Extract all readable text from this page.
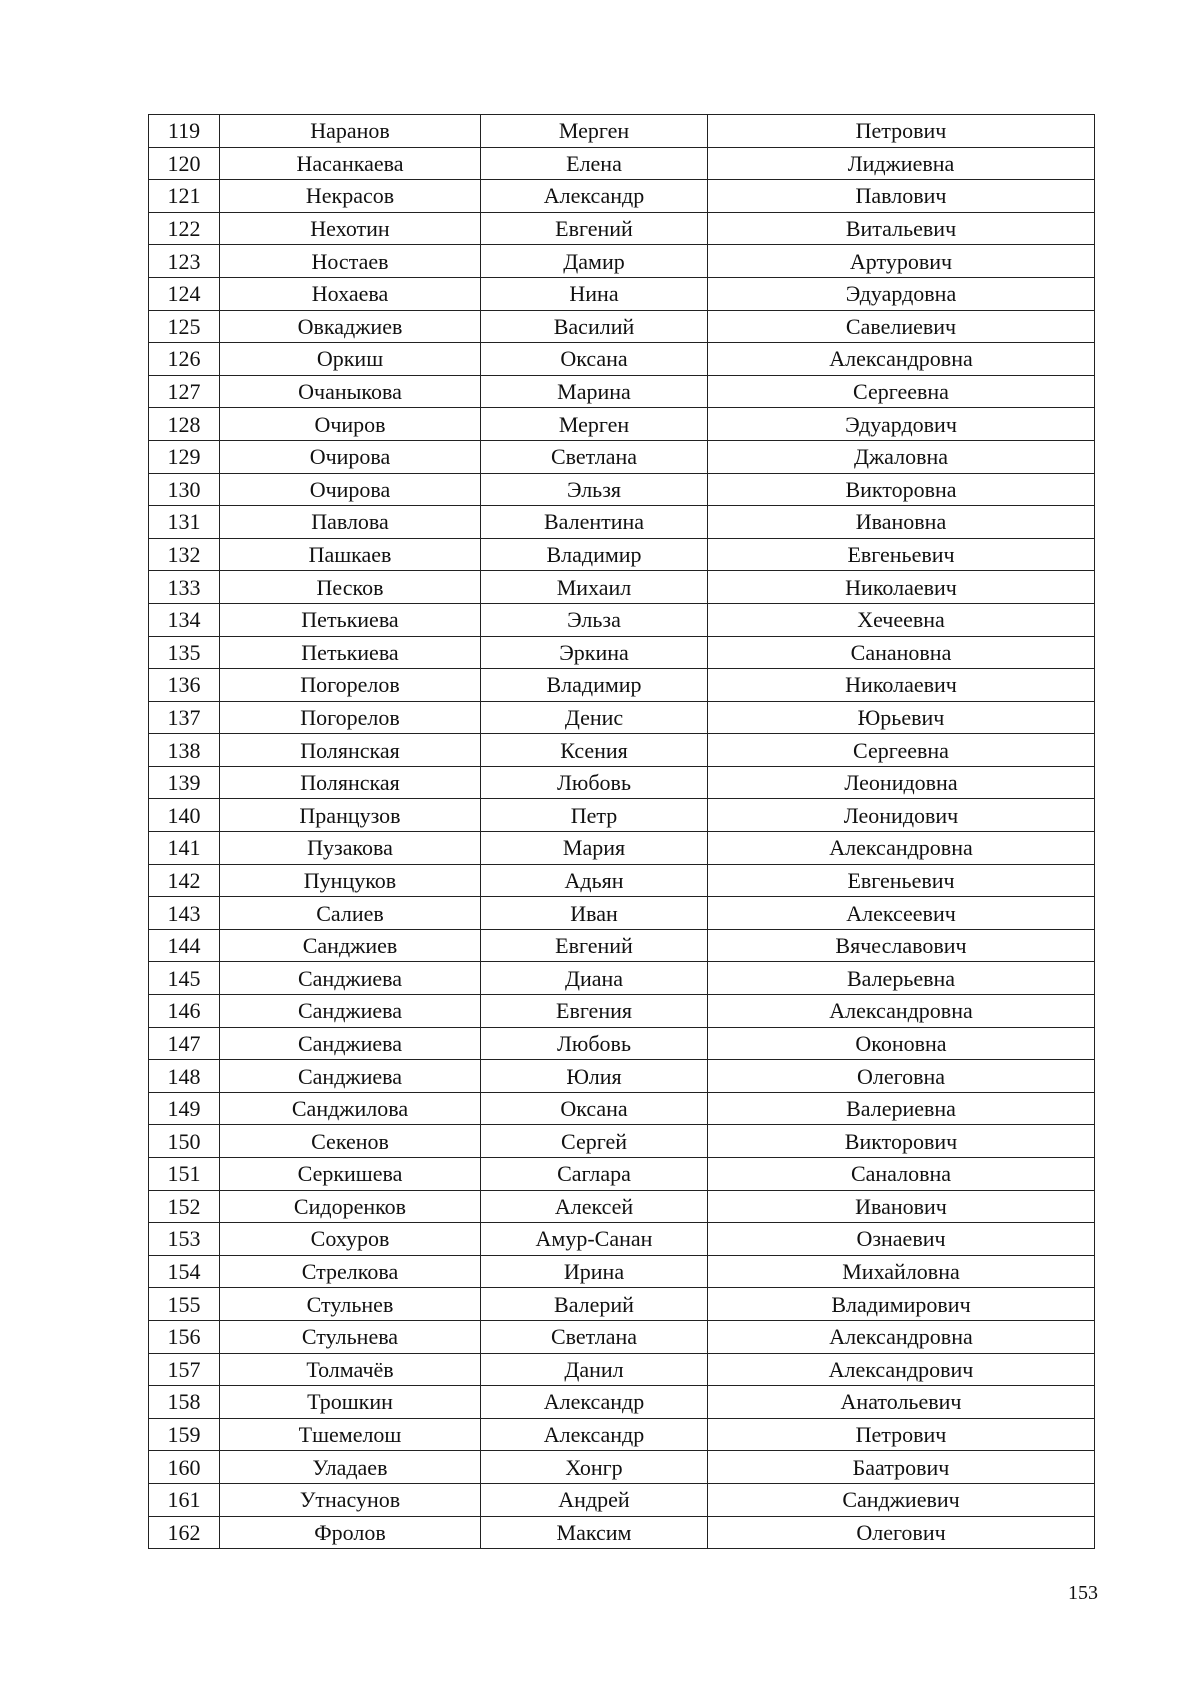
119	Наранов	Мерген	Петрович
120	Насанкаева	Елена	Лиджиевна
121	Некрасов	Александр	Павлович
122	Нехотин	Евгений	Витальевич
123	Ностаев	Дамир	Артурович
124	Нохаева	Нина	Эдуардовна
125	Овкаджиев	Василий	Савелиевич
126	Оркиш	Оксана	Александровна
127	Очаныкова	Марина	Сергеевна
128	Очиров	Мерген	Эдуардович
129	Очирова	Светлана	Джаловна
130	Очирова	Эльзя	Викторовна
131	Павлова	Валентина	Ивановна
132	Пашкаев	Владимир	Евгеньевич
133	Песков	Михаил	Николаевич
134	Петькиева	Эльза	Хечеевна
135	Петькиева	Эркина	Санановна
136	Погорелов	Владимир	Николаевич
137	Погорелов	Денис	Юрьевич
138	Полянская	Ксения	Сергеевна
139	Полянская	Любовь	Леонидовна
140	Пранцузов	Петр	Леонидович
141	Пузакова	Мария	Александровна
142	Пунцуков	Адьян	Евгеньевич
143	Салиев	Иван	Алексеевич
144	Санджиев	Евгений	Вячеславович
145	Санджиева	Диана	Валерьевна
146	Санджиева	Евгения	Александровна
147	Санджиева	Любовь	Оконовна
148	Санджиева	Юлия	Олеговна
149	Санджилова	Оксана	Валериевна
150	Секенов	Сергей	Викторович
151	Серкишева	Саглара	Саналовна
152	Сидоренков	Алексей	Иванович
153	Сохуров	Амур-Санан	Ознаевич
154	Стрелкова	Ирина	Михайловна
155	Стульнев	Валерий	Владимирович
156	Стульнева	Светлана	Александровна
157	Толмачёв	Данил	Александрович
158	Трошкин	Александр	Анатольевич
159	Тшемелош	Александр	Петрович
160	Уладаев	Хонгр	Баатрович
161	Утнасунов	Андрей	Санджиевич
162	Фролов	Максим	Олегович
153
